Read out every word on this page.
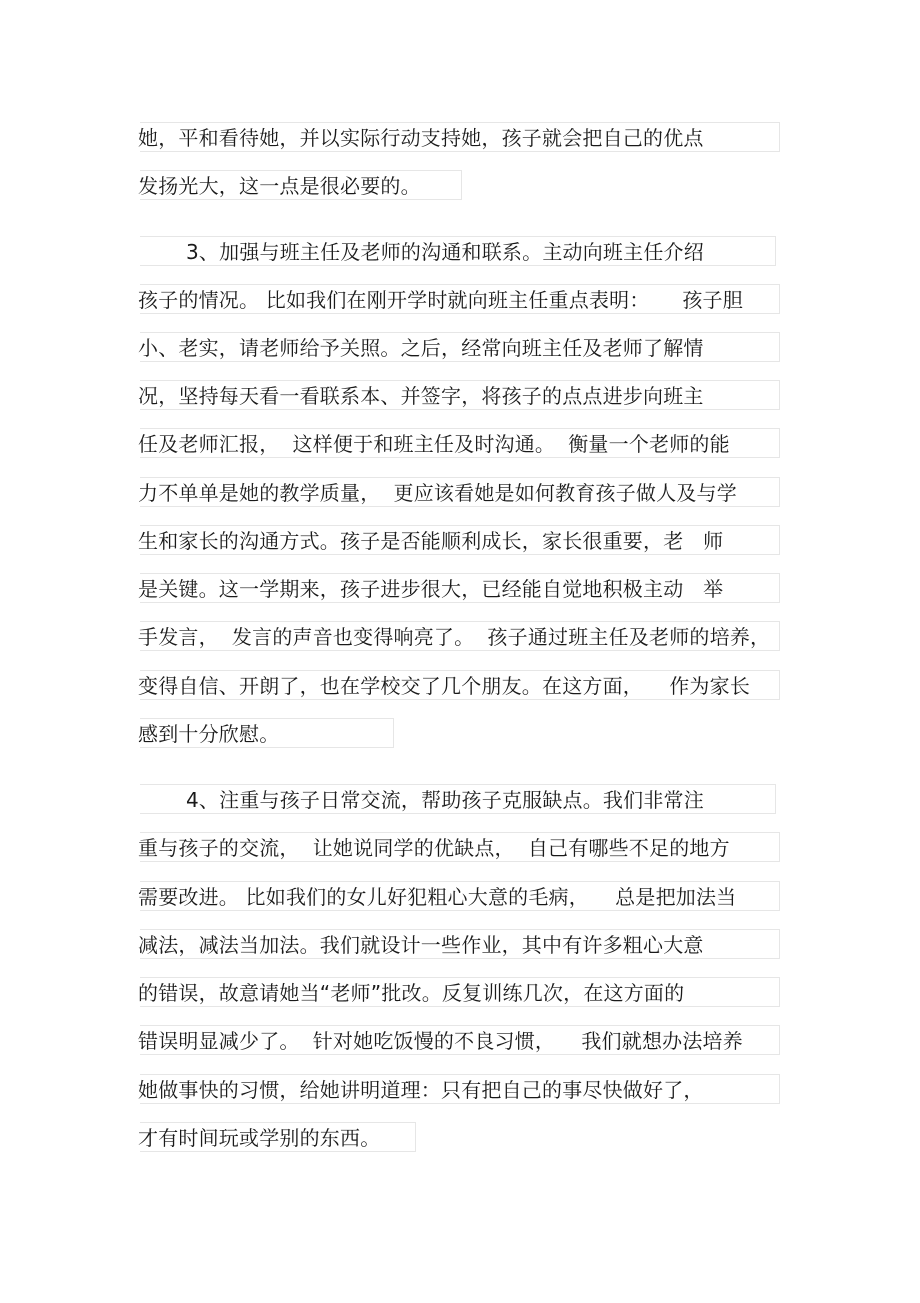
她，平和看待她，并以实际行动支持她，孩子就会把自己的优点
发扬光大，这一点是很必要的。
3、加强与班主任及老师的沟通和联系。主动向班主任介绍
孩子的情况。 比如我们在刚开学时就向班主任重点表明：     孩子胆
小、老实，请老师给予关照。之后，经常向班主任及老师了解情
况，坚持每天看一看联系本、并签字，将孩子的点点进步向班主
任及老师汇报，  这样便于和班主任及时沟通。  衡量一个老师的能
力不单单是她的教学质量，  更应该看她是如何教育孩子做人及与学
生和家长的沟通方式。孩子是否能顺利成长，家长很重要，老   师
是关键。这一学期来，孩子进步很大，已经能自觉地积极主动   举
手发言，  发言的声音也变得响亮了。  孩子通过班主任及老师的培养，
变得自信、开朗了，也在学校交了几个朋友。在这方面，    作为家长
感到十分欣慰。
4、注重与孩子日常交流，帮助孩子克服缺点。我们非常注
重与孩子的交流，  让她说同学的优缺点，  自己有哪些不足的地方
需要改进。 比如我们的女儿好犯粗心大意的毛病，    总是把加法当
减法，减法当加法。我们就设计一些作业，其中有许多粗心大意
的错误，故意请她当“老师”批改。反复训练几次，在这方面的
错误明显减少了。  针对她吃饭慢的不良习惯，    我们就想办法培养
她做事快的习惯，给她讲明道理：只有把自己的事尽快做好了，
才有时间玩或学别的东西。
